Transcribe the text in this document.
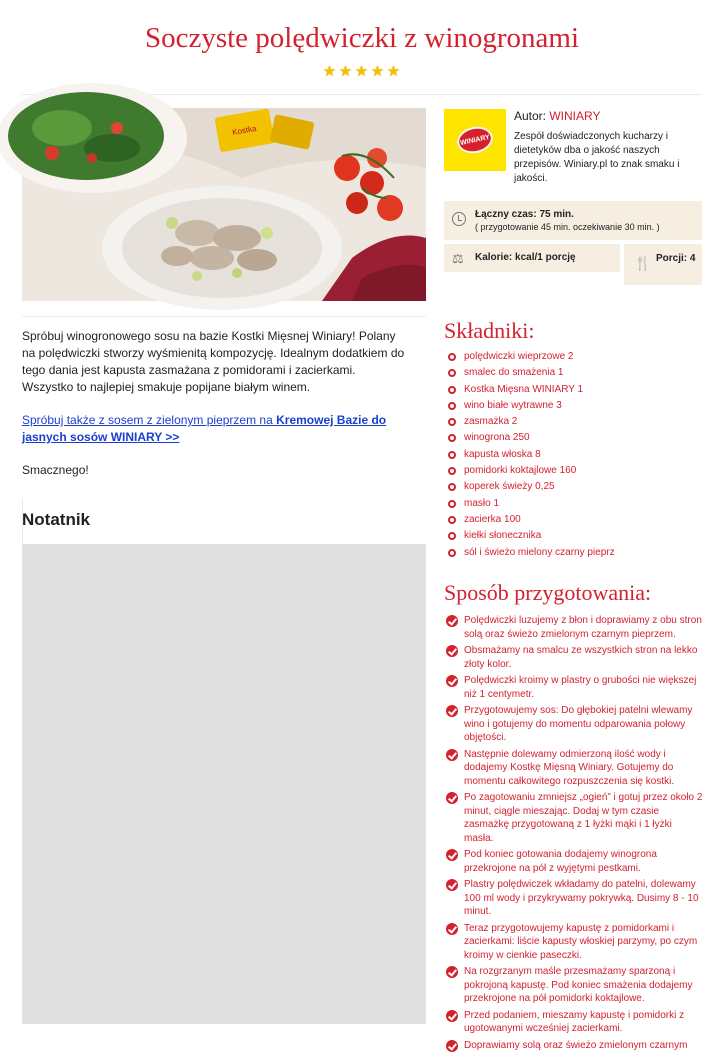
Soczyste polędwiczki z winogronami
★ ★ ★ ★ ★
Kostka
WINIARY
Autor: WINIARY
Zespół doświadczonych kucharzy i dietetyków dba o jakość naszych przepisów. Winiary.pl to znak smaku i jakości.
Łączny czas: 75 min.
( przygotowanie 45 min. oczekiwanie 30 min. )
⚖ Kalorie: kcal/1 porcję	🍴 Porcji: 4

Spróbuj winogronowego sosu na bazie Kostki Mięsnej Winiary! Polany na polędwiczki stworzy wyśmienitą kompozycję. Idealnym dodatkiem do tego dania jest kapusta zasmażana z pomidorami i zacierkami. Wszystko to najlepiej smakuje popijane białym winem.

Spróbuj także z sosem z zielonym pieprzem na Kremowej Bazie do jasnych sosów WINIARY >>

Smacznego!

Notatnik
Składniki:
polędwiczki wieprzowe 2
smalec do smażenia 1
Kostka Mięsna WINIARY 1
wino białe wytrawne 3
zasmażka 2
winogrona 250
kapusta włoska 8
pomidorki koktajlowe 160
koperek świeży 0,25
masło 1
zacierka 100
kiełki słonecznika
sól i świeżo mielony czarny pieprz
Sposób przygotowania:
Polędwiczki luzujemy z błon i doprawiamy z obu stron solą oraz świeżo zmielonym czarnym pieprzem.
Obsmażamy na smalcu ze wszystkich stron na lekko złoty kolor.
Polędwiczki kroimy w plastry o grubości nie większej niż 1 centymetr.
Przygotowujemy sos: Do głębokiej patelni wlewamy wino i gotujemy do momentu odparowania połowy objętości.
Następnie dolewamy odmierzoną ilość wody i dodajemy Kostkę Mięsną Winiary. Gotujemy do momentu całkowitego rozpuszczenia się kostki.
Po zagotowaniu zmniejsz „ogień” i gotuj przez około 2 minut, ciągle mieszając. Dodaj w tym czasie zasmażkę przygotowaną z 1 łyżki mąki i 1 łyżki masła.
Pod koniec gotowania dodajemy winogrona przekrojone na pół z wyjętymi pestkami.
Plastry polędwiczek wkładamy do patelni, dolewamy 100 ml wody i przykrywamy pokrywką. Dusimy 8 - 10 minut.
Teraz przygotowujemy kapustę z pomidorkami i zacierkami: liście kapusty włoskiej parzymy, po czym kroimy w cienkie paseczki.
Na rozgrzanym maśle przesmażamy sparzoną i pokrojoną kapustę. Pod koniec smażenia dodajemy przekrojone na pół pomidorki koktajlowe.
Przed podaniem, mieszamy kapustę i pomidorki z ugotowanymi wcześniej zacierkami.
Doprawiamy solą oraz świeżo zmielonym czarnym
